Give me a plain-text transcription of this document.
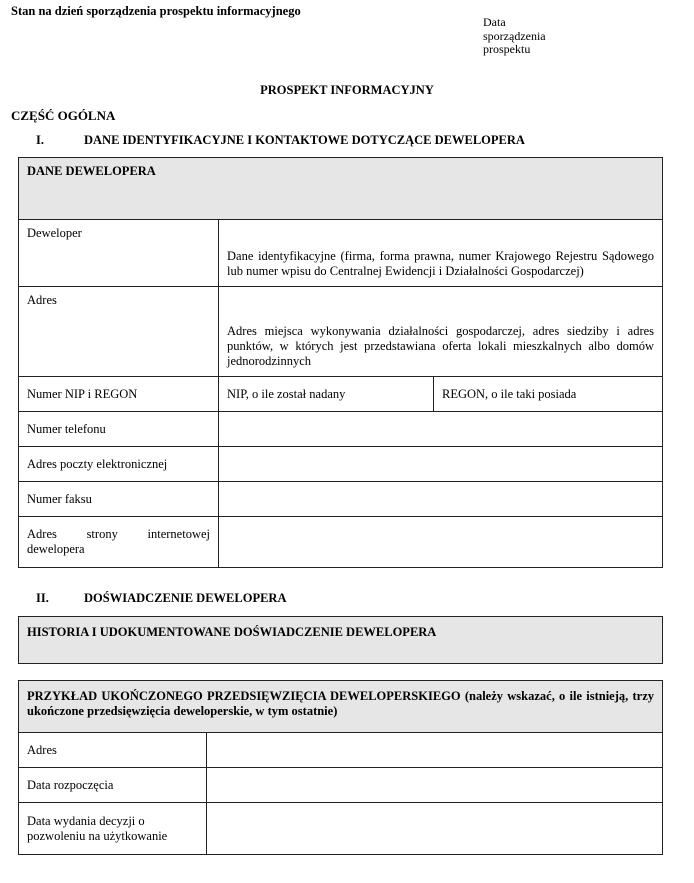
Stan na dzień sporządzenia prospektu informacyjnego
Data
sporządzenia
prospektu
PROSPEKT INFORMACYJNY
CZĘŚĆ OGÓLNA
I.	DANE IDENTYFIKACYJNE I KONTAKTOWE DOTYCZĄCE DEWELOPERA
DANE DEWELOPERA		
Deweloper	Dane identyfikacyjne (firma, forma prawna, numer Krajowego Rejestru Sądowego lub numer wpisu do Centralnej Ewidencji i Działalności Gospodarczej)	
Adres	Adres miejsca wykonywania działalności gospodarczej, adres siedziby i adres punktów, w których jest przedstawiana oferta lokali mieszkalnych albo domów jednorodzinnych	
Numer NIP i REGON	NIP, o ile został nadany	REGON, o ile taki posiada
Numer telefonu		
Adres poczty elektronicznej		
Numer faksu		
Adres strony internetowej dewelopera		
II.	DOŚWIADCZENIE DEWELOPERA
HISTORIA I UDOKUMENTOWANE DOŚWIADCZENIE DEWELOPERA
PRZYKŁAD UKOŃCZONEGO PRZEDSIĘWZIĘCIA DEWELOPERSKIEGO (należy wskazać, o ile istnieją, trzy ukończone przedsięwzięcia deweloperskie, w tym ostatnie)	
Adres	
Data rozpoczęcia	
Data wydania decyzji o pozwoleniu na użytkowanie	
